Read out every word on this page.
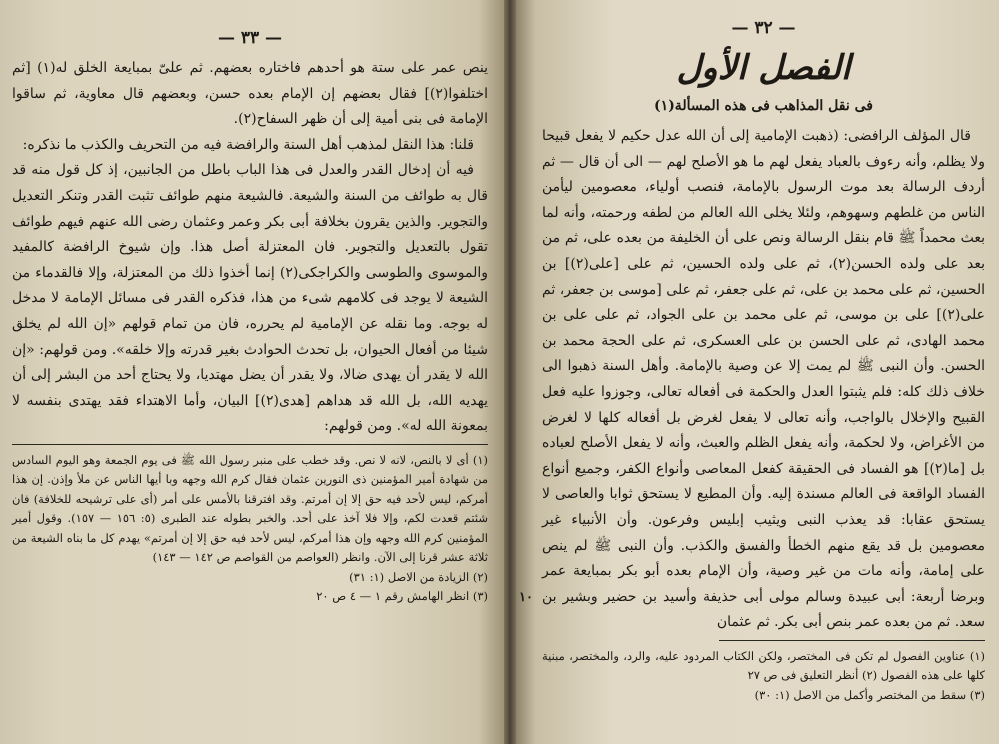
— ٣٣ —

ينص عمر على ستة هو أحدهم فاختاره بعضهم. ثم علىّ بمبايعة الخلق له(١) [ثم اختلفوا(٢)] فقال بعضهم إن الإمام بعده حسن، وبعضهم قال معاوية، ثم ساقوا الإمامة فى بنى أمية إلى أن ظهر السفاح(٢).

قلنا: هذا النقل لمذهب أهل السنة والرافضة فيه من التحريف والكذب ما نذكره:

فيه أن إدخال القدر والعدل فى هذا الباب باطل من الجانبين، إذ كل قول منه قد قال به طوائف من السنة والشيعة. فالشيعة منهم طوائف تثبت القدر وتنكر التعديل والتجوير. والذين يقرون بخلافة أبى بكر وعمر وعثمان رضى الله عنهم فيهم طوائف تقول بالتعديل والتجوير. فان المعتزلة أصل هذا. وإن شيوخ الرافضة كالمفيد والموسوى والطوسى والكراجكى(٢) إنما أخذوا ذلك من المعتزلة، وإلا فالقدماء من الشيعة لا يوجد فى كلامهم شىء من هذا، فذكره القدر فى مسائل الإمامة لا مدخل له بوجه. وما نقله عن الإمامية لم يحرره، فان من تمام قولهم «إن الله لم يخلق شيئا من أفعال الحيوان، بل تحدث الحوادث بغير قدرته وإلا خلقه». ومن قولهم: «إن الله لا يقدر أن يهدى ضالا، ولا يقدر أن يضل مهتديا، ولا يحتاج أحد من البشر إلى أن يهديه الله، بل الله قد هداهم [هدى(٢)] البيان، وأما الاهتداء فقد يهتدى بنفسه لا بمعونة الله له». ومن قولهم:

(١) أى لا بالنص، لانه لا نص. وقد خطب على منبر رسول الله ﷺ فى يوم الجمعة وهو اليوم السادس من شهادة أمير المؤمنين ذى النورين عثمان فقال كرم الله وجهه وبا أيها الناس عن ملأ وإذن. إن هذا أمركم، ليس لأحد فيه حق إلا إن أمرتم. وقد افترقنا بالأمس على أمر (أى على ترشيحه للخلافة) فان شئتم قعدت لكم، وإلا فلا آخذ على أحد. والخبر بطوله عند الطبرى (٥: ١٥٦ — ١٥٧). وقول أمير المؤمنين كرم الله وجهه وإن هذا أمركم، ليس لأحد فيه حق إلا إن أمرتم» يهدم كل ما بناه الشيعة من ثلاثة عشر قرنا إلى الآن. وانظر (العواصم من القواصم ص ١٤٢ — ١٤٣)

(٢) الزيادة من الاصل (١: ٣١)

(٣) انظر الهامش رقم ١ — ٤ ص ٢٠

— ٣٢ —
الفصل الأول
فى نقل المذاهب فى هذه المسألة(١)
١٠

قال المؤلف الرافضى: (ذهبت الإمامية إلى أن الله عدل حكيم لا يفعل قبيحا ولا يظلم، وأنه رءوف بالعباد يفعل لهم ما هو الأصلح لهم — الى أن قال — ثم أردف الرسالة بعد موت الرسول بالإمامة، فنصب أولياء، معصومين ليأمن الناس من غلطهم وسهوهم، ولئلا يخلى الله العالم من لطفه ورحمته، وأنه لما بعث محمداً ﷺ قام بنقل الرسالة ونص على أن الخليفة من بعده على، ثم من بعد على ولده الحسن(٢)، ثم على ولده الحسين، ثم على [على(٢)] بن الحسين، ثم على محمد بن على، ثم على جعفر، ثم على [موسى بن جعفر، ثم على(٢)] على بن موسى، ثم على محمد بن على الجواد، ثم على على بن محمد الهادى، ثم على الحسن بن على العسكرى، ثم على الحجة محمد بن الحسن. وأن النبى ﷺ لم يمت إلا عن وصية بالإمامة. وأهل السنة ذهبوا الى خلاف ذلك كله: فلم يثبتوا العدل والحكمة فى أفعاله تعالى، وجوزوا عليه فعل القبيح والإخلال بالواجب، وأنه تعالى لا يفعل لغرض بل أفعاله كلها لا لغرض من الأغراض، ولا لحكمة، وأنه يفعل الظلم والعبث، وأنه لا يفعل الأصلح لعباده بل [ما(٢)] هو الفساد فى الحقيقة كفعل المعاصى وأنواع الكفر، وجميع أنواع الفساد الواقعة فى العالم مسندة إليه. وأن المطيع لا يستحق ثوابا والعاصى لا يستحق عقابا: قد يعذب النبى ويثيب إبليس وفرعون. وأن الأنبياء غير معصومين بل قد يقع منهم الخطأ والفسق والكذب. وأن النبى ﷺ لم ينص على إمامة، وأنه مات من غير وصية، وأن الإمام بعده أبو بكر بمبايعة عمر وبرضا أربعة: أبى عبيدة وسالم مولى أبى حذيفة وأسيد بن حضير وبشير بن سعد. ثم من بعده عمر بنص أبى بكر. ثم عثمان

(١) عناوين الفصول لم تكن فى المختصر، ولكن الكتاب المردود عليه، والرد، والمختصر، مبنية كلها على هذه الفصول (٢) أنظر التعليق فى ص ٢٧

(٣) سقط من المختصر وأكمل من الاصل (١: ٣٠)
